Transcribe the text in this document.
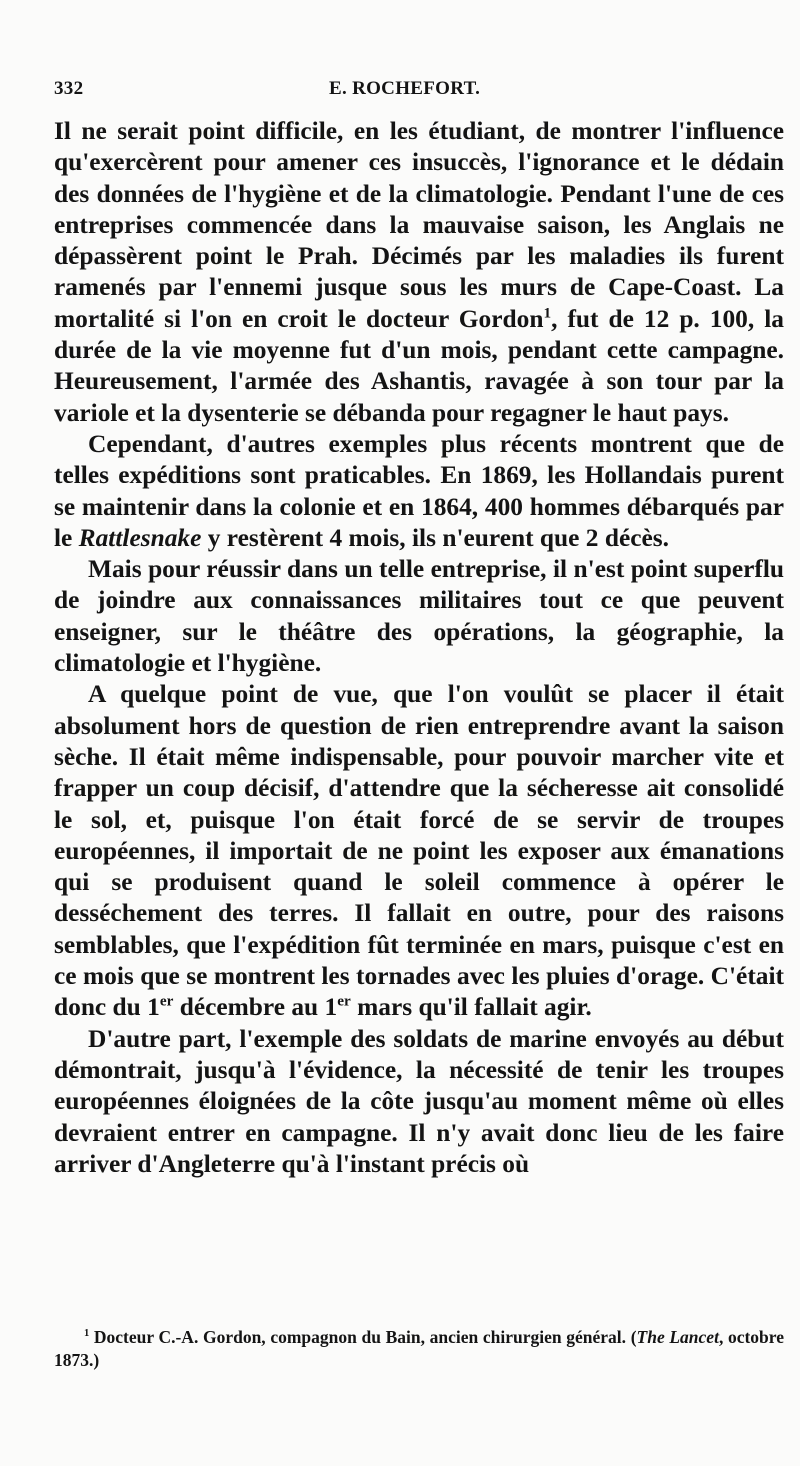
332	E. ROCHEFORT.

Il ne serait point difficile, en les étudiant, de montrer l'influence qu'exercèrent pour amener ces insuccès, l'ignorance et le dédain des données de l'hygiène et de la climatologie. Pendant l'une de ces entreprises commencée dans la mauvaise saison, les Anglais ne dépassèrent point le Prah. Décimés par les maladies ils furent ramenés par l'ennemi jusque sous les murs de Cape-Coast. La mortalité si l'on en croit le docteur Gordon$^1$, fut de 12 p. 100, la durée de la vie moyenne fut d'un mois, pendant cette campagne. Heureusement, l'armée des Ashantis, ravagée à son tour par la variole et la dysenterie se débanda pour regagner le haut pays.

Cependant, d'autres exemples plus récents montrent que de telles expéditions sont praticables. En 1869, les Hollandais purent se maintenir dans la colonie et en 1864, 400 hommes débarqués par le Rattlesnake y restèrent 4 mois, ils n'eurent que 2 décès.

Mais pour réussir dans un telle entreprise, il n'est point superflu de joindre aux connaissances militaires tout ce que peuvent enseigner, sur le théâtre des opérations, la géographie, la climatologie et l'hygiène.

A quelque point de vue, que l'on voulût se placer il était absolument hors de question de rien entreprendre avant la saison sèche. Il était même indispensable, pour pouvoir marcher vite et frapper un coup décisif, d'attendre que la sécheresse ait consolidé le sol, et, puisque l'on était forcé de se servir de troupes européennes, il importait de ne point les exposer aux émanations qui se produisent quand le soleil commence à opérer le desséchement des terres. Il fallait en outre, pour des raisons semblables, que l'expédition fût terminée en mars, puisque c'est en ce mois que se montrent les tornades avec les pluies d'orage. C'était donc du 1er décembre au 1er mars qu'il fallait agir.

D'autre part, l'exemple des soldats de marine envoyés au début démontrait, jusqu'à l'évidence, la nécessité de tenir les troupes européennes éloignées de la côte jusqu'au moment même où elles devraient entrer en campagne. Il n'y avait donc lieu de les faire arriver d'Angleterre qu'à l'instant précis où

$^1$ Docteur C.-A. Gordon, compagnon du Bain, ancien chirurgien général. (The Lancet, octobre 1873.)
